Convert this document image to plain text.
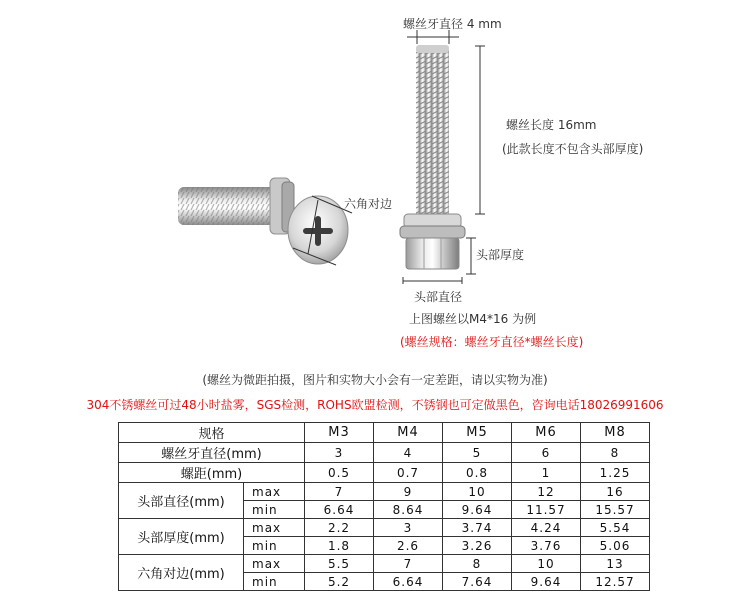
螺丝牙直径 4 mm
螺丝长度 16mm
(此款长度不包含头部厚度)
六角对边
头部厚度
头部直径
上图螺丝以M4*16 为例
(螺丝规格：螺丝牙直径*螺丝长度)
(螺丝为微距拍摄，图片和实物大小会有一定差距，请以实物为准)
304不锈螺丝可过48小时盐雾，SGS检测，ROHS欧盟检测，不锈钢也可定做黑色，咨询电话18026991606
规格		M3	M4	M5	M6	M8
螺丝牙直径(mm)		3	4	5	6	8
螺距(mm)		0.5	0.7	0.8	1	1.25
头部直径(mm)	max	7	9	10	12	16
	min	6.64	8.64	9.64	11.57	15.57
头部厚度(mm)	max	2.2	3	3.74	4.24	5.54
	min	1.8	2.6	3.26	3.76	5.06
六角对边(mm)	max	5.5	7	8	10	13
	min	5.2	6.64	7.64	9.64	12.57
